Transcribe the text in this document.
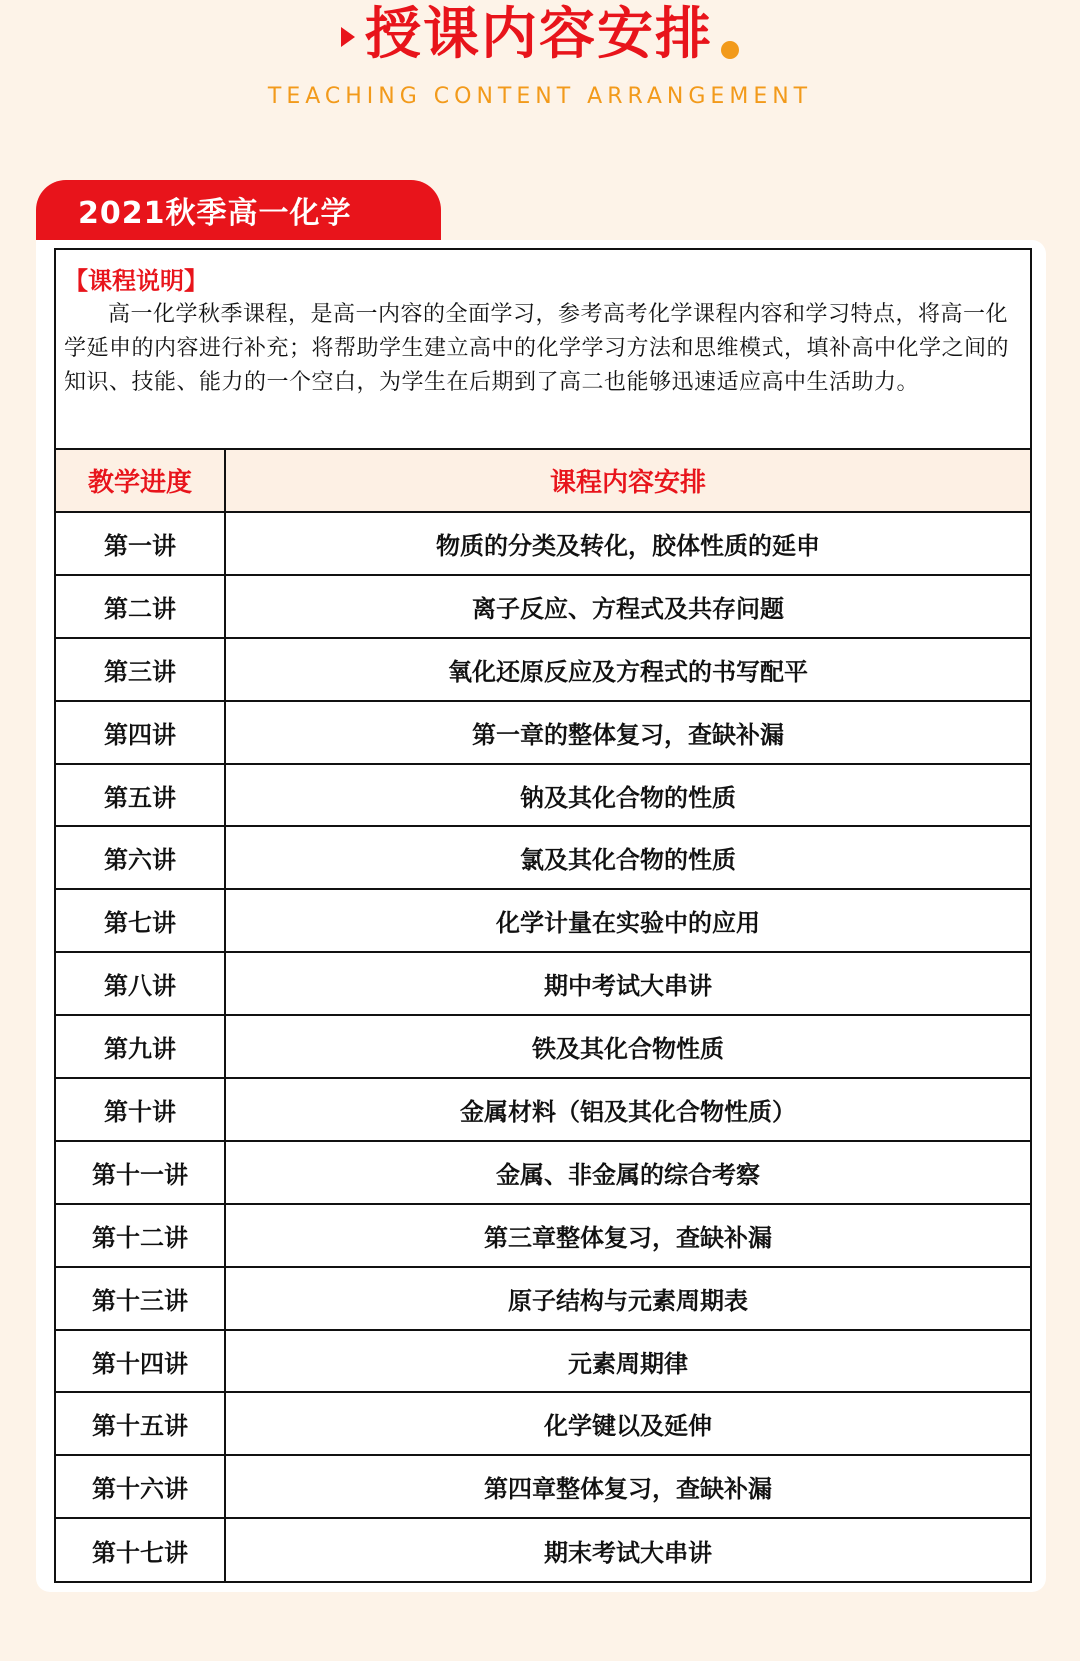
授课内容安排
TEACHING CONTENT ARRANGEMENT
2021秋季高一化学
【课程说明】
高一化学秋季课程，是高一内容的全面学习，参考高考化学课程内容和学习特点，将高一化学延申的内容进行补充；将帮助学生建立高中的化学学习方法和思维模式，填补高中化学之间的知识、技能、能力的一个空白，为学生在后期到了高二也能够迅速适应高中生活助力。
教学进度	课程内容安排
第一讲	物质的分类及转化，胶体性质的延申
第二讲	离子反应、方程式及共存问题
第三讲	氧化还原反应及方程式的书写配平
第四讲	第一章的整体复习，查缺补漏
第五讲	钠及其化合物的性质
第六讲	氯及其化合物的性质
第七讲	化学计量在实验中的应用
第八讲	期中考试大串讲
第九讲	铁及其化合物性质
第十讲	金属材料（铝及其化合物性质）
第十一讲	金属、非金属的综合考察
第十二讲	第三章整体复习，查缺补漏
第十三讲	原子结构与元素周期表
第十四讲	元素周期律
第十五讲	化学键以及延伸
第十六讲	第四章整体复习，查缺补漏
第十七讲	期末考试大串讲
